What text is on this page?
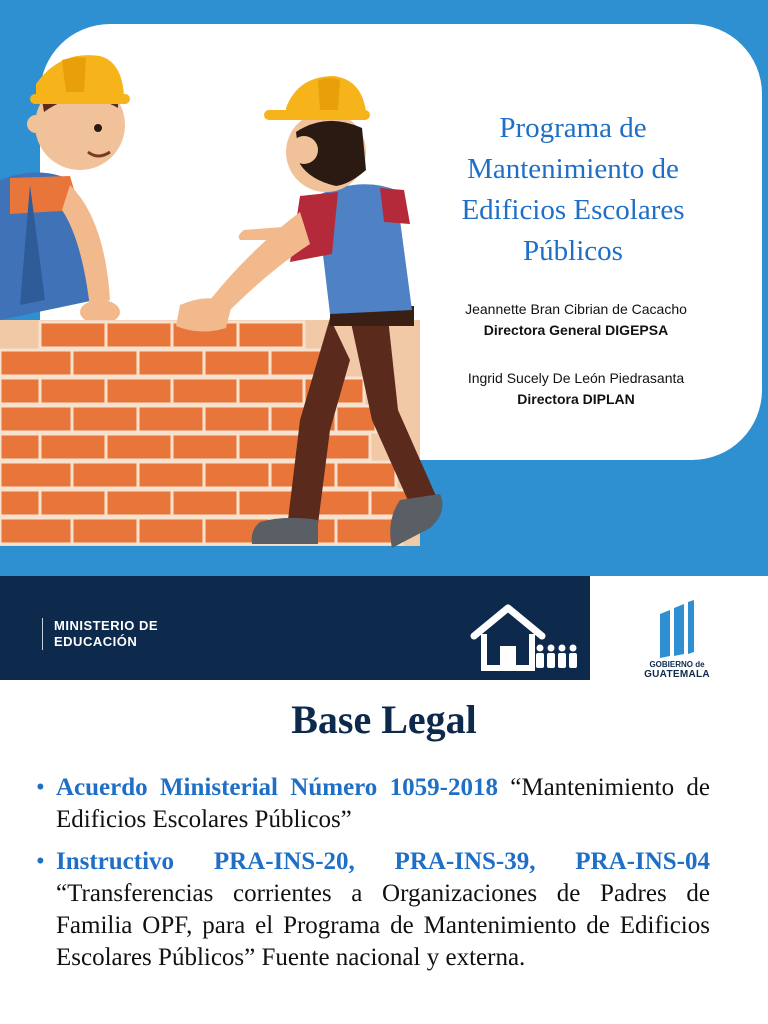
Programa de
Mantenimiento de
Edificios Escolares
Públicos
Jeannette Bran Cibrian de Cacacho
Directora General DIGEPSA
Ingrid Sucely De León Piedrasanta
Directora DIPLAN
MINISTERIO DE
EDUCACIÓN
GOBIERNO de
GUATEMALA
Base Legal
• Acuerdo Ministerial Número 1059-2018 “Mantenimiento de Edificios Escolares Públicos”
• Instructivo PRA-INS-20, PRA-INS-39, PRA-INS-04 “Transferencias corrientes a Organizaciones de Padres de Familia OPF, para el Programa de Mantenimiento de Edificios Escolares Públicos” Fuente nacional y externa.
